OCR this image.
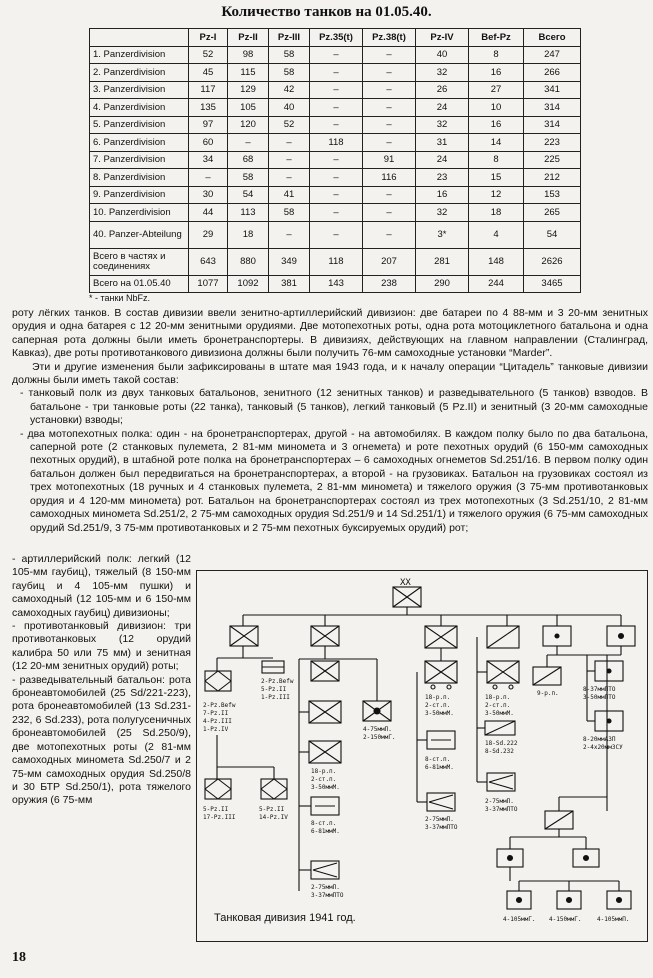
Количество танков на 01.05.40.
	Pz-I	Pz-II	Pz-III	Pz.35(t)	Pz.38(t)	Pz-IV	Bef-Pz	Всего
1. Panzerdivision	52	98	58	–	–	40	8	247
2. Panzerdivision	45	115	58	–	–	32	16	266
3. Panzerdivision	117	129	42	–	–	26	27	341
4. Panzerdivision	135	105	40	–	–	24	10	314
5. Panzerdivision	97	120	52	–	–	32	16	314
6. Panzerdivision	60	–	–	118	–	31	14	223
7. Panzerdivision	34	68	–	–	91	24	8	225
8. Panzerdivision	–	58	–	–	116	23	15	212
9. Panzerdivision	30	54	41	–	–	16	12	153
10. Panzerdivision	44	113	58	–	–	32	18	265
40. Panzer-Abteilung	29	18	–	–	–	3*	4	54
Всего в частях и соединениях	643	880	349	118	207	281	148	2626
Всего на 01.05.40	1077	1092	381	143	238	290	244	3465
* - танки NbFz.

роту лёгких танков. В состав дивизии ввели зенитно-артиллерийский дивизион: две батареи по 4 88-мм и 3 20-мм зенитных орудия и одна батарея с 12 20-мм зенитными орудиями. Две мотопехотных роты, одна рота мотоциклетного батальона и одна саперная рота должны были иметь бронетранспортеры. В дивизиях, действующих на главном направлении (Сталинград, Кавказ), две роты противотанкового дивизиона должны были получить 76-мм самоходные установки “Marder”.

Эти и другие изменения были зафиксированы в штате мая 1943 года, и к началу операции “Цитадель” танковые дивизии должны были иметь такой состав:

- танковый полк из двух танковых батальонов, зенитного (12 зенитных танков) и разведывательного (5 танков) взводов. В батальоне - три танковые роты (22 танка), танковый (5 танков), легкий танковый (5 Pz.II) и зенитный (3 20-мм самоходные установки) взводы;

- два мотопехотных полка: один - на бронетранспортерах, другой - на автомобилях. В каждом полку было по два батальона, саперной роте (2 станковых пулемета, 2 81-мм миномета и 3 огнемета) и роте пехотных орудий (6 150-мм самоходных пехотных орудий), в штабной роте полка на бронетранспортерах – 6 самоходных огнеметов Sd.251/16. В первом полку один батальон должен был передвигаться на бронетранспортерах, а второй - на грузовиках. Батальон на грузовиках состоял из трех мотопехотных (18 ручных и 4 станковых пулемета, 2 81-мм миномета) и тяжелого оружия (3 75-мм противотанковых орудия и 4 120-мм миномета) рот. Батальон на бронетранспортерах состоял из трех мотопехотных (3 Sd.251/10, 2 81-мм самоходных миномета Sd.251/2, 2 75-мм самоходных орудия Sd.251/9 и 14 Sd.251/1) и тяжелого оружия (6 75-мм самоходных орудий Sd.251/9, 3 75-мм противотанковых и 2 75-мм пехотных буксируемых орудий) рот;

- артиллерийский полк: легкий (12 105-мм гаубиц), тяжелый (8 150-мм гаубиц и 4 105-мм пушки) и самоходный (12 105-мм и 6 150-мм самоходных гаубиц) дивизионы;

- противотанковый дивизион: три противотанковых (12 орудий калибра 50 или 75 мм) и зенитная (12 20-мм зенитных орудий) роты;

- разведывательный батальон: рота бронеавтомобилей (25 Sd/221-223), рота бронеавтомобилей (13 Sd.231-232, 6 Sd.233), рота полугусеничных бронеавтомобилей (25 Sd.250/9), две мотопехотных роты (2 81-мм самоходных миномета Sd.250/7 и 2 75-мм самоходных орудия Sd.250/8 и 30 БТР Sd.250/1), рота тяжелого оружия (6 75-мм

XX
2-Pz.Befw
5-Pz.II
1-Pz.III
2-Pz.Befw
7-Pz.II
4-Pz.III
1-Pz.IV
5-Pz.II
17-Pz.III
5-Pz.II
14-Pz.IV
18-р.п.
2-ст.п.
3-50ммМ.
8-ст.п.
6-81ммМ.
2-75ммП.
3-37ммПТО
4-75ммП.
2-150ммГ.
18-р.п.
2-ст.п.
3-50ммМ.
8-ст.п.
6-81ммМ.
2-75ммП.
3-37ммПТО
18-р.п.
2-ст.п.
3-50ммМ.
18-Sd.222
8-Sd.232
2-75ммП.
3-37ммПТО
9-р.п.
8-37ммПТО
3-50ммПТО
8-20ммАЗП
2-4х20ммЗСУ
4-105ммГ. 4-150ммГ.	4-105ммП.
Танковая дивизия 1941 год.
18
